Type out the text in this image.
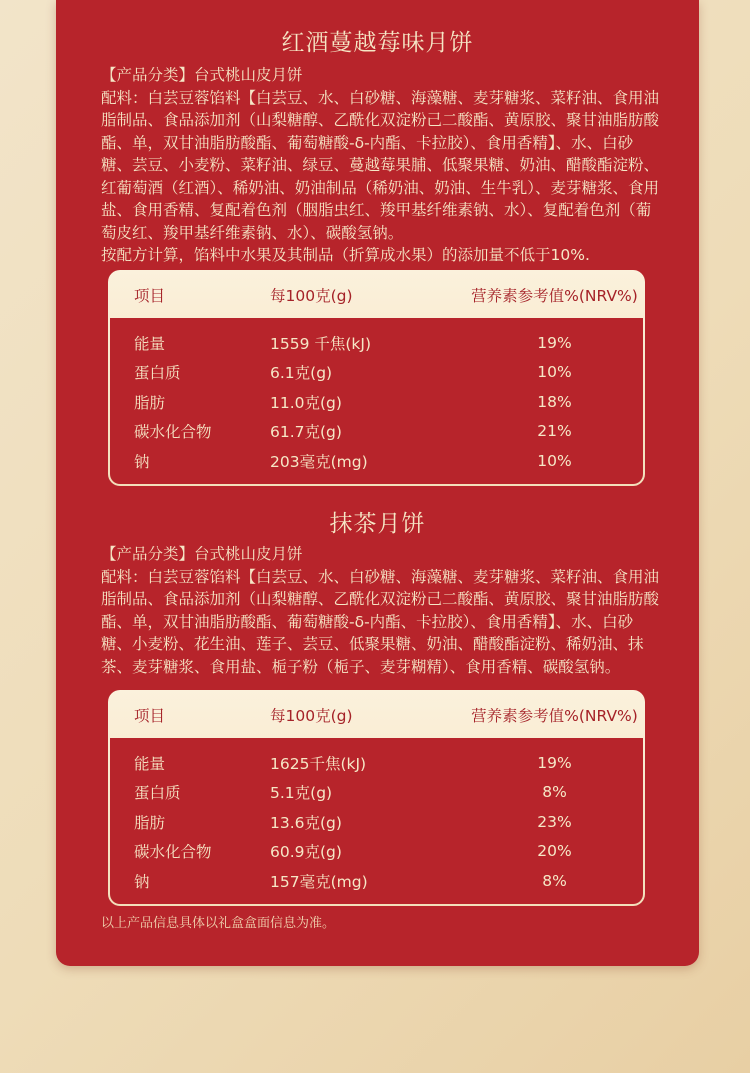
红酒蔓越莓味月饼

【产品分类】台式桃山皮月饼

配料：白芸豆蓉馅料【白芸豆、水、白砂糖、海藻糖、麦芽糖浆、菜籽油、食用油脂制品、食品添加剂（山梨糖醇、乙酰化双淀粉己二酸酯、黄原胶、聚甘油脂肪酸酯、单，双甘油脂肪酸酯、葡萄糖酸-δ-内酯、卡拉胶）、食用香精】、水、白砂糖、芸豆、小麦粉、菜籽油、绿豆、蔓越莓果脯、低聚果糖、奶油、醋酸酯淀粉、红葡萄酒（红酒）、稀奶油、奶油制品（稀奶油、奶油、生牛乳）、麦芽糖浆、食用盐、食用香精、复配着色剂（胭脂虫红、羧甲基纤维素钠、水）、复配着色剂（葡萄皮红、羧甲基纤维素钠、水）、碳酸氢钠。

按配方计算，馅料中水果及其制品（折算成水果）的添加量不低于10%.

项目	每100克(g)	营养素参考值%(NRV%)
能量	1559 千焦(kJ)	19%
蛋白质	6.1克(g)	10%
脂肪	11.0克(g)	18%
碳水化合物	61.7克(g)	21%
钠	203毫克(mg)	10%
抹茶月饼

【产品分类】台式桃山皮月饼

配料：白芸豆蓉馅料【白芸豆、水、白砂糖、海藻糖、麦芽糖浆、菜籽油、食用油脂制品、食品添加剂（山梨糖醇、乙酰化双淀粉己二酸酯、黄原胶、聚甘油脂肪酸酯、单，双甘油脂肪酸酯、葡萄糖酸-δ-内酯、卡拉胶）、食用香精】、水、白砂糖、小麦粉、花生油、莲子、芸豆、低聚果糖、奶油、醋酸酯淀粉、稀奶油、抹茶、麦芽糖浆、食用盐、栀子粉（栀子、麦芽糊精）、食用香精、碳酸氢钠。

项目	每100克(g)	营养素参考值%(NRV%)
能量	1625千焦(kJ)	19%
蛋白质	5.1克(g)	8%
脂肪	13.6克(g)	23%
碳水化合物	60.9克(g)	20%
钠	157毫克(mg)	8%
以上产品信息具体以礼盒盒面信息为准。
